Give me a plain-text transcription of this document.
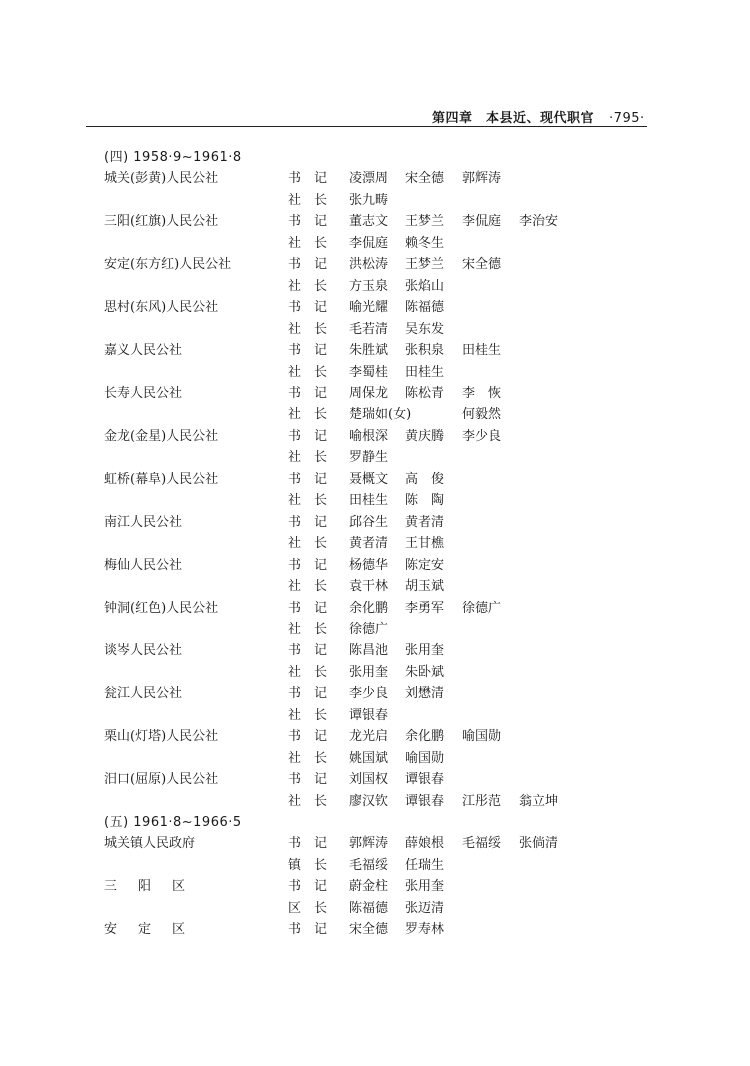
第四章　本县近、现代职官 ·795·
(四) 1958·9~1961·8
城关(彭黄)人民公社	书 记 凌漂周 宋全德 郭辉涛
社 长 张九畴
三阳(红旗)人民公社	书 记 董志文 王梦兰 李侃庭 李治安
社 长 李侃庭 赖冬生
安定(东方红)人民公社	书 记 洪松涛 王梦兰 宋全德
社 长 方玉泉 张焰山
思村(东风)人民公社	书 记 喻光耀 陈福德
社 长 毛若清 吴东发
嘉义人民公社	书 记 朱胜斌 张积泉 田桂生
社 长 李蜀桂 田桂生
长寿人民公社	书 记 周保龙 陈松青 李　恢
社 长 楚瑞如(女)	何毅然
金龙(金星)人民公社	书 记 喻根深 黄庆腾 李少良
社 长 罗静生
虹桥(幕阜)人民公社	书 记 聂概文 高　俊
社 长 田桂生 陈　陶
南江人民公社	书 记 邱谷生 黄者清
社 长 黄者清 王甘樵
梅仙人民公社	书 记 杨德华 陈定安
社 长 袁干林 胡玉斌
钟洞(红色)人民公社	书 记 余化鹏 李勇军 徐德广
社 长 徐德广
谈岑人民公社	书 记 陈昌池 张用奎
社 长 张用奎 朱卧斌
瓮江人民公社	书 记 李少良 刘懋清
社 长 谭银春
栗山(灯塔)人民公社	书 记 龙光启 余化鹏 喻国勋
社 长 姚国斌 喻国勋
汨口(屈原)人民公社	书 记 刘国权 谭银春
社 长 廖汉钦 谭银春 江彤范 翁立坤
(五) 1961·8~1966·5
城关镇人民政府	书 记 郭辉涛 薛娘根 毛福绥 张倘清
镇 长 毛福绥 任瑞生
三阳区	书 记 蔚金柱 张用奎
区 长 陈福德 张迈清
安定区	书 记 宋全德 罗寿林
